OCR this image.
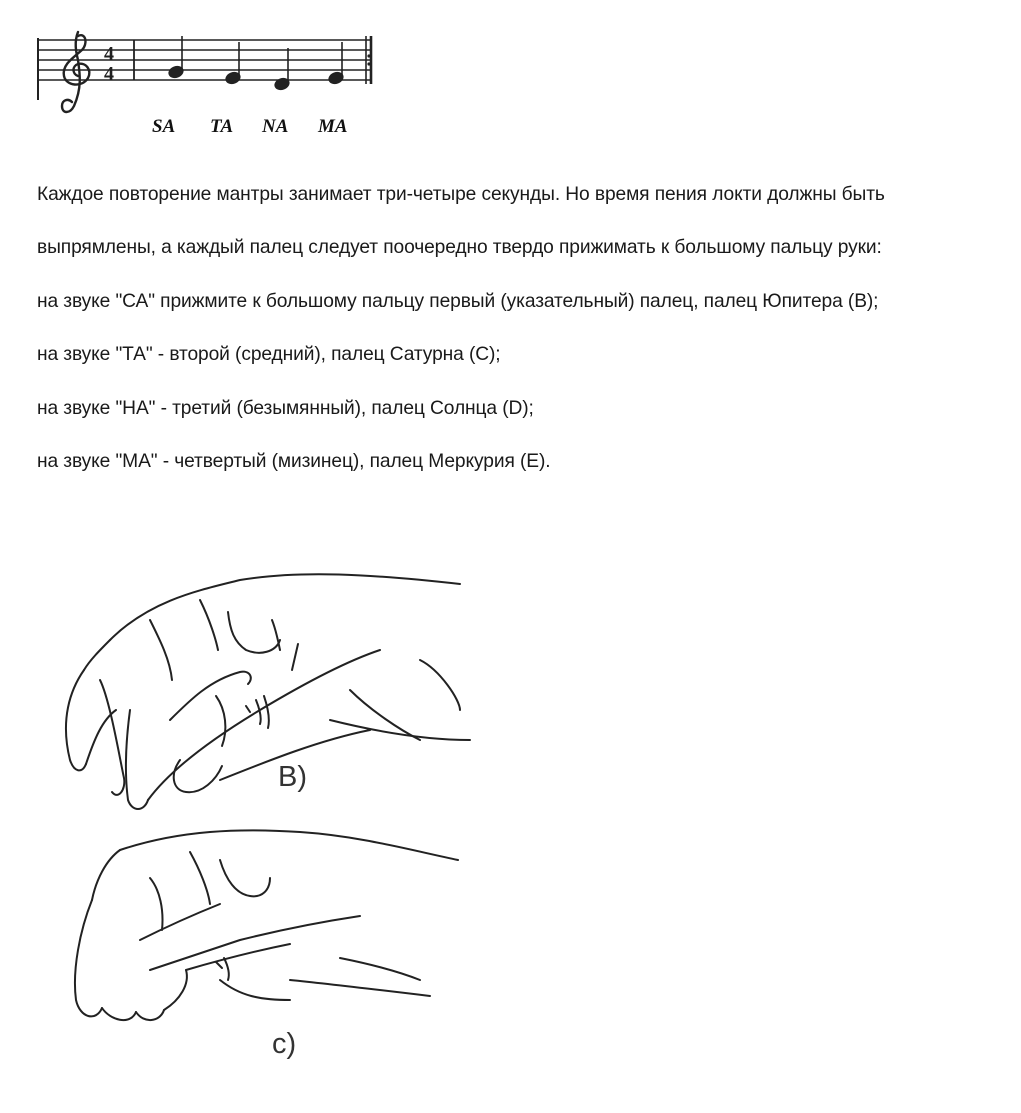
4
4
SA TA NA MA

Каждое повторение мантры занимает три-четыре секунды. Но время пения локти должны быть

выпрямлены, а каждый палец следует поочередно твердо прижимать к большому пальцу руки:

на звуке "СА" прижмите к большому пальцу первый (указательный) палец, палец Юпитера (В);

на звуке "ТА" - второй (средний), палец Сатурна (С);

на звуке "НА" - третий (безымянный), палец Солнца (D);

на звуке "МА" - четвертый (мизинец), палец Меркурия (Е).

B)
c)
